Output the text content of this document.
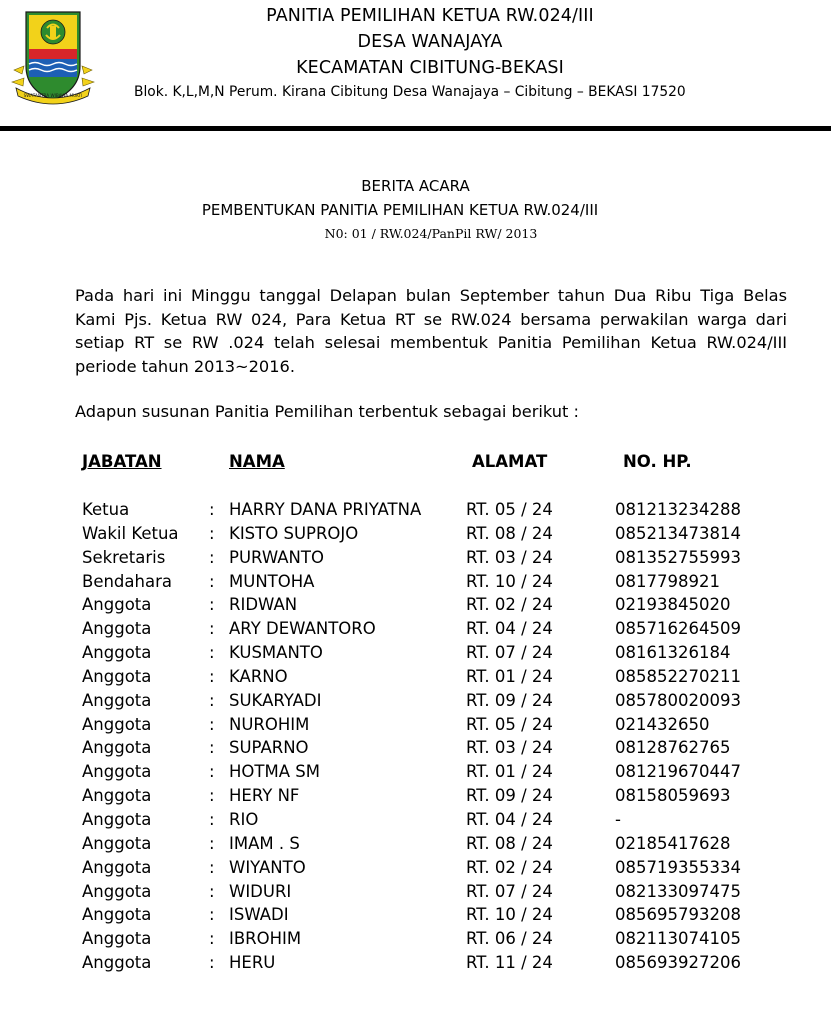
SWATANTRA WIBAWA MUKTI
PANITIA PEMILIHAN KETUA RW.024/III
DESA WANAJAYA
KECAMATAN CIBITUNG-BEKASI
Blok. K,L,M,N Perum. Kirana Cibitung Desa Wanajaya – Cibitung – BEKASI 17520
BERITA ACARA
PEMBENTUKAN PANITIA PEMILIHAN KETUA RW.024/III
N0: 01 / RW.024/PanPil RW/ 2013
Pada hari ini Minggu tanggal Delapan bulan September tahun Dua Ribu Tiga Belas Kami Pjs. Ketua RW 024, Para Ketua RT se RW.024 bersama perwakilan warga dari setiap RT se RW .024 telah selesai membentuk Panitia Pemilihan Ketua RW.024/III periode tahun 2013~2016.
Adapun susunan Panitia Pemilihan terbentuk sebagai berikut :
JABATAN	NAMA	ALAMAT	NO. HP.
Ketua	: HARRY DANA PRIYATNA	RT. 05 / 24	081213234288
Wakil Ketua : KISTO SUPROJO	RT. 08 / 24	085213473814
Sekretaris	: PURWANTO	RT. 03 / 24	081352755993
Bendahara : MUNTOHA	RT. 10 / 24	0817798921
Anggota	: RIDWAN	RT. 02 / 24	02193845020
Anggota	: ARY DEWANTORO	RT. 04 / 24	085716264509
Anggota	: KUSMANTO	RT. 07 / 24	08161326184
Anggota	: KARNO	RT. 01 / 24	085852270211
Anggota	: SUKARYADI	RT. 09 / 24	085780020093
Anggota	: NUROHIM	RT. 05 / 24	021432650
Anggota	: SUPARNO	RT. 03 / 24	08128762765
Anggota	: HOTMA SM	RT. 01 / 24	081219670447
Anggota	: HERY NF	RT. 09 / 24	08158059693
Anggota	: RIO	RT. 04 / 24	-
Anggota	: IMAM . S	RT. 08 / 24	02185417628
Anggota	: WIYANTO	RT. 02 / 24	085719355334
Anggota	: WIDURI	RT. 07 / 24	082133097475
Anggota	: ISWADI	RT. 10 / 24	085695793208
Anggota	: IBROHIM	RT. 06 / 24	082113074105
Anggota	: HERU	RT. 11 / 24	085693927206
